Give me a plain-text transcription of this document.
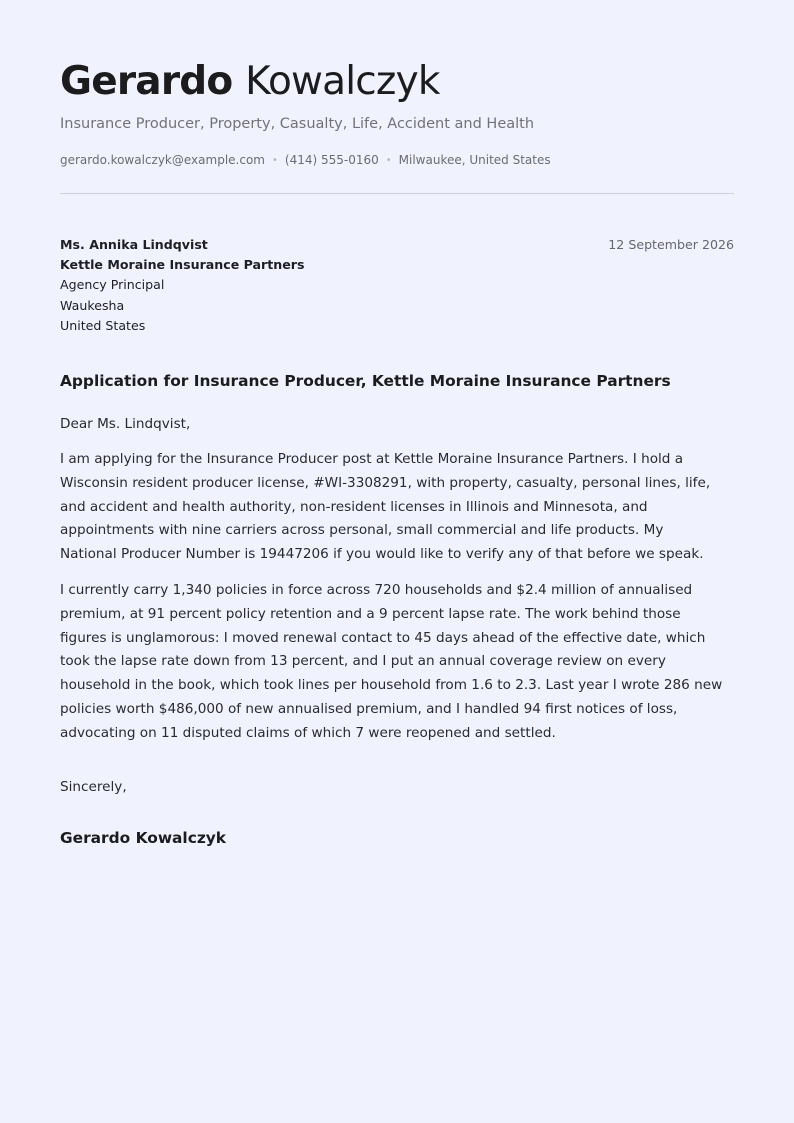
Gerardo Kowalczyk
Insurance Producer, Property, Casualty, Life, Accident and Health
gerardo.kowalczyk@example.com • (414) 555-0160 • Milwaukee, United States
Ms. Annika Lindqvist
Kettle Moraine Insurance Partners
Agency Principal
Waukesha
United States
12 September 2026
Application for Insurance Producer, Kettle Moraine Insurance Partners
Dear Ms. Lindqvist,

I am applying for the Insurance Producer post at Kettle Moraine Insurance Partners. I hold a
Wisconsin resident producer license, #WI-3308291, with property, casualty, personal lines, life,
and accident and health authority, non-resident licenses in Illinois and Minnesota, and
appointments with nine carriers across personal, small commercial and life products. My
National Producer Number is 19447206 if you would like to verify any of that before we speak.

I currently carry 1,340 policies in force across 720 households and $2.4 million of annualised
premium, at 91 percent policy retention and a 9 percent lapse rate. The work behind those
figures is unglamorous: I moved renewal contact to 45 days ahead of the effective date, which
took the lapse rate down from 13 percent, and I put an annual coverage review on every
household in the book, which took lines per household from 1.6 to 2.3. Last year I wrote 286 new
policies worth $486,000 of new annualised premium, and I handled 94 first notices of loss,
advocating on 11 disputed claims of which 7 were reopened and settled.

Sincerely,
Gerardo Kowalczyk
